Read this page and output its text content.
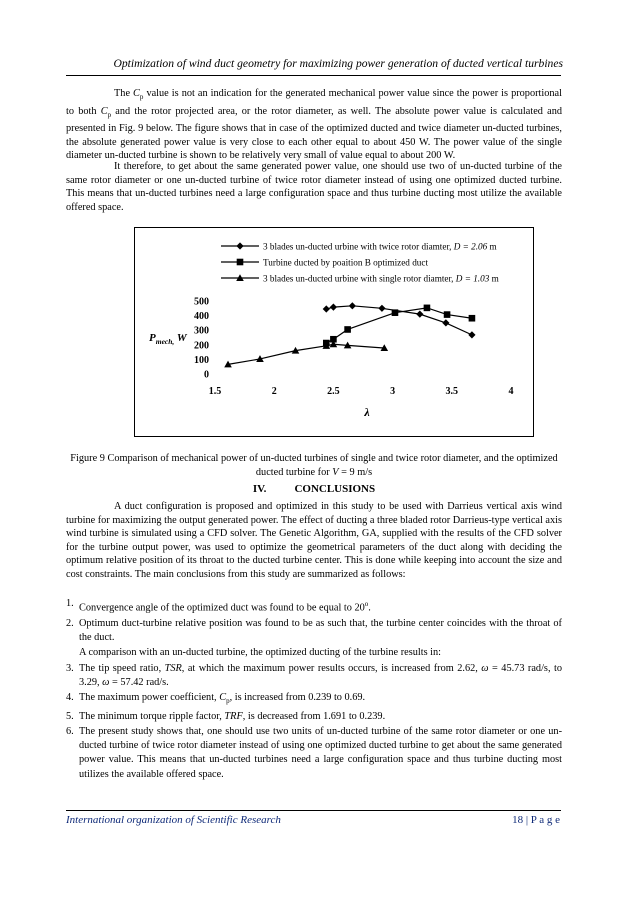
Optimization of wind duct geometry for maximizing power generation of ducted vertical turbines

The $C_p$ value is not an indication for the generated mechanical power value since the power is proportional to both $C_p$ and the rotor projected area, or the rotor diameter, as well. The absolute power value is calculated and presented in Fig. 9 below. The figure shows that in case of the optimized ducted and twice diameter un-ducted turbines, the absolute generated power value is very close to each other equal to about 450 W. The power value of the single diameter un-ducted turbine is shown to be relatively very small of value equal to about 200 W.

It therefore, to get about the same generated power value, one should use two of un-ducted turbine of the same rotor diameter or one un-ducted turbine of twice rotor diameter instead of using one optimized ducted turbine. This means that un-ducted turbines need a large configuration space and thus turbine ducting most utilize the available offered space.

3 blades un-ducted urbine with twice rotor diamter, D = 2.06 m
Turbine ducted by poaition B optimized duct
3 blades un-ducted urbine with single rotor diamter, D = 1.03 m
0
100
200
300
400
500
1.5	2	2.5	3	3.5	4
$P_{mech,}$ W
λ

Figure 9 Comparison of mechanical power of un-ducted turbines of single and twice rotor diameter, and the optimized ducted turbine for V = 9 m/s

IV.	CONCLUSIONS

A duct configuration is proposed and optimized in this study to be used with Darrieus vertical axis wind turbine for maximizing the output generated power. The effect of ducting a three bladed rotor Darrieus-type vertical axis wind turbine is simulated using a CFD solver. The Genetic Algorithm, GA, supplied with the results of the CFD solver for the turbine output power, was used to optimize the geometrical parameters of the duct along with deciding the optimum relative position of its throat to the ducted turbine center. This is done while keeping into account the size and cost constraints. The main conclusions from this study are summarized as follows:

1. Convergence angle of the optimized duct was found to be equal to 20$^o$.
2. Optimum duct-turbine relative position was found to be as such that, the turbine center coincides with the throat of the duct.
A comparison with an un-ducted turbine, the optimized ducting of the turbine results in:
3. The tip speed ratio, TSR, at which the maximum power results occurs, is increased from 2.62, ω = 45.73 rad/s, to 3.29, ω = 57.42 rad/s.
4. The maximum power coefficient, $C_p$, is increased from 0.239 to 0.69.
5. The minimum torque ripple factor, TRF, is decreased from 1.691 to 0.239.
6. The present study shows that, one should use two units of un-ducted turbine of the same rotor diameter or one un-ducted turbine of twice rotor diameter instead of using one optimized ducted turbine to get about the same generated power value. This means that un-ducted turbines need a large configuration space and thus turbine ducting most utilizes the available offered space.
International organization of Scientific Research	18 | P a g e
